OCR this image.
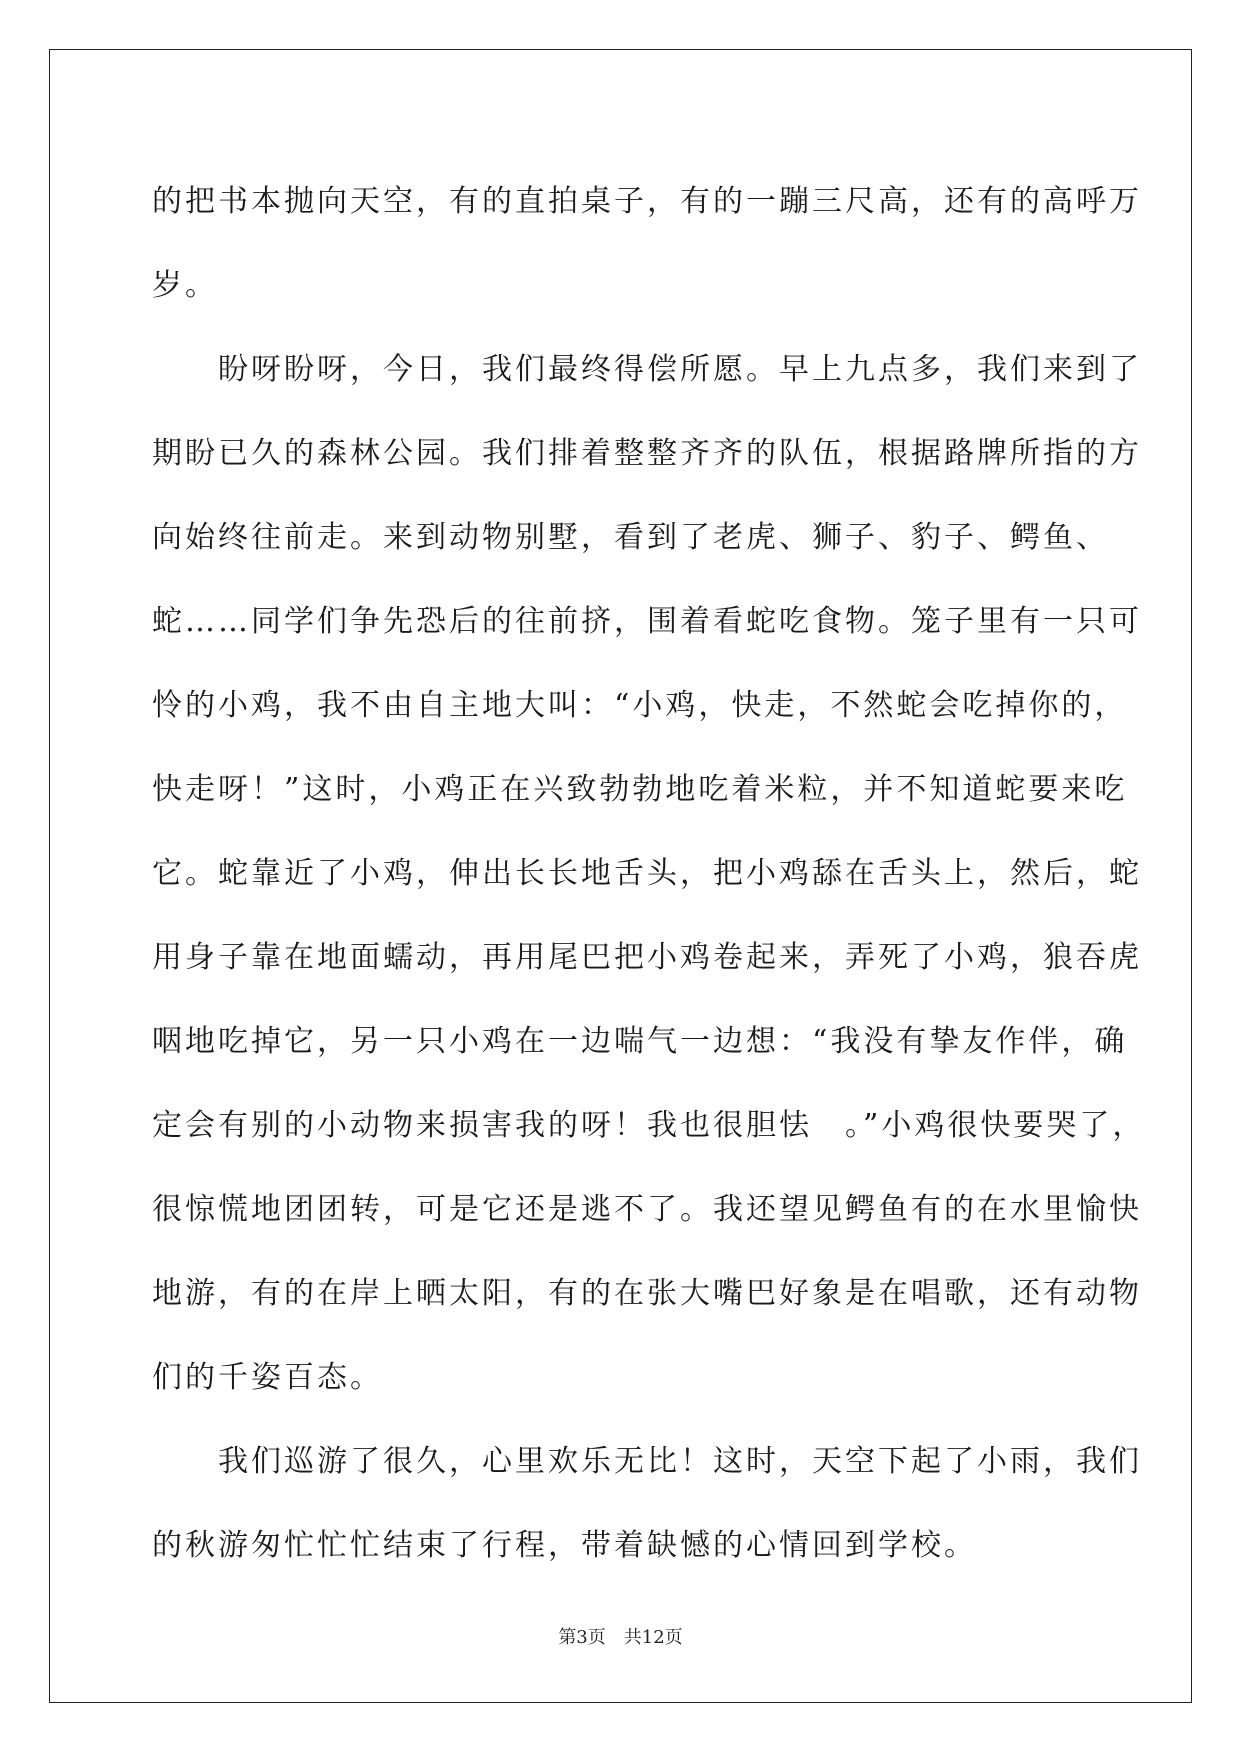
的把书本抛向天空，有的直拍桌子，有的一蹦三尺高，还有的高呼万
岁。
　　盼呀盼呀，今日，我们最终得偿所愿。早上九点多，我们来到了
期盼已久的森林公园。我们排着整整齐齐的队伍，根据路牌所指的方
向始终往前走。来到动物别墅，看到了老虎、狮子、豹子、鳄鱼、
蛇……同学们争先恐后的往前挤，围着看蛇吃食物。笼子里有一只可
怜的小鸡，我不由自主地大叫：“小鸡，快走，不然蛇会吃掉你的，
快走呀！”这时，小鸡正在兴致勃勃地吃着米粒，并不知道蛇要来吃
它。蛇靠近了小鸡，伸出长长地舌头，把小鸡舔在舌头上，然后，蛇
用身子靠在地面蠕动，再用尾巴把小鸡卷起来，弄死了小鸡，狼吞虎
咽地吃掉它，另一只小鸡在一边喘气一边想：“我没有挚友作伴，确
定会有别的小动物来损害我的呀！我也很胆怯　。”小鸡很快要哭了，
很惊慌地团团转，可是它还是逃不了。我还望见鳄鱼有的在水里愉快
地游，有的在岸上晒太阳，有的在张大嘴巴好象是在唱歌，还有动物
们的千姿百态。
　　我们巡游了很久，心里欢乐无比！这时，天空下起了小雨，我们
的秋游匆忙忙忙结束了行程，带着缺憾的心情回到学校。
第3页　共12页
